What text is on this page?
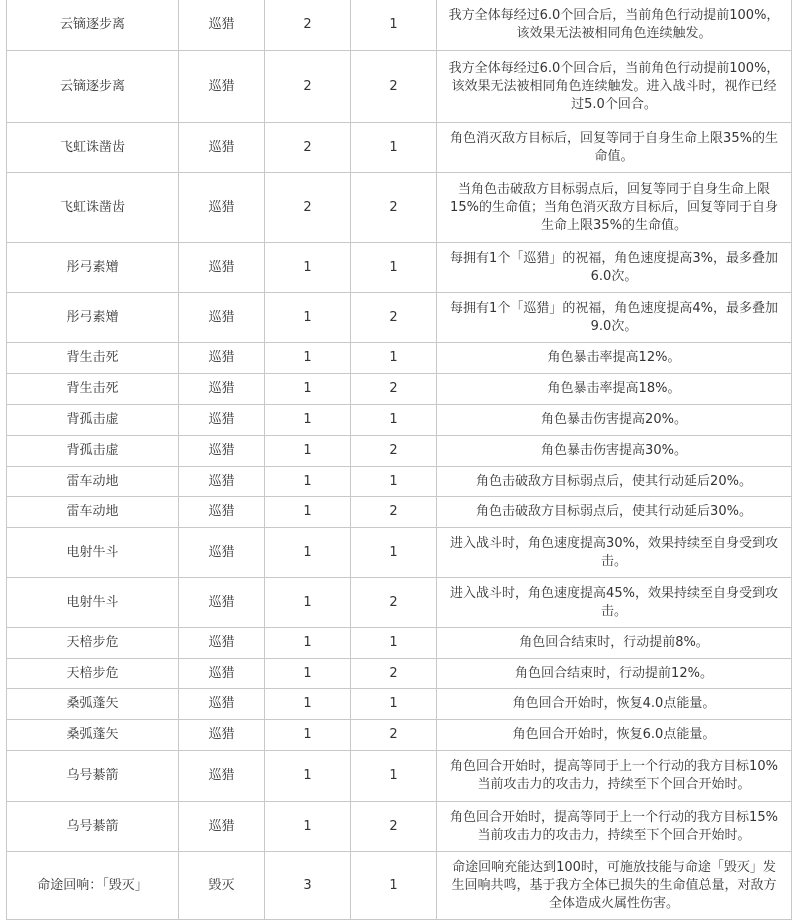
云镝逐步离	巡猎	2	1	我方全体每经过6.0个回合后，当前角色行动提前100%，该效果无法被相同角色连续触发。
云镝逐步离	巡猎	2	2	我方全体每经过6.0个回合后，当前角色行动提前100%，该效果无法被相同角色连续触发。进入战斗时，视作已经过5.0个回合。
飞虹诛凿齿	巡猎	2	1	角色消灭敌方目标后，回复等同于自身生命上限35%的生命值。
飞虹诛凿齿	巡猎	2	2	当角色击破敌方目标弱点后，回复等同于自身生命上限15%的生命值；当角色消灭敌方目标后，回复等同于自身生命上限35%的生命值。
彤弓素矰	巡猎	1	1	每拥有1个「巡猎」的祝福，角色速度提高3%，最多叠加6.0次。
彤弓素矰	巡猎	1	2	每拥有1个「巡猎」的祝福，角色速度提高4%，最多叠加9.0次。
背生击死	巡猎	1	1	角色暴击率提高12%。
背生击死	巡猎	1	2	角色暴击率提高18%。
背孤击虚	巡猎	1	1	角色暴击伤害提高20%。
背孤击虚	巡猎	1	2	角色暴击伤害提高30%。
雷车动地	巡猎	1	1	角色击破敌方目标弱点后，使其行动延后20%。
雷车动地	巡猎	1	2	角色击破敌方目标弱点后，使其行动延后30%。
电射牛斗	巡猎	1	1	进入战斗时，角色速度提高30%，效果持续至自身受到攻击。
电射牛斗	巡猎	1	2	进入战斗时，角色速度提高45%，效果持续至自身受到攻击。
天棓步危	巡猎	1	1	角色回合结束时，行动提前8%。
天棓步危	巡猎	1	2	角色回合结束时，行动提前12%。
桑弧蓬矢	巡猎	1	1	角色回合开始时，恢复4.0点能量。
桑弧蓬矢	巡猎	1	2	角色回合开始时，恢复6.0点能量。
乌号綦箭	巡猎	1	1	角色回合开始时，提高等同于上一个行动的我方目标10%当前攻击力的攻击力，持续至下个回合开始时。
乌号綦箭	巡猎	1	2	角色回合开始时，提高等同于上一个行动的我方目标15%当前攻击力的攻击力，持续至下个回合开始时。
命途回响：「毁灭」	毁灭	3	1	命途回响充能达到100时，可施放技能与命途「毁灭」发生回响共鸣，基于我方全体已损失的生命值总量，对敌方全体造成火属性伤害。
